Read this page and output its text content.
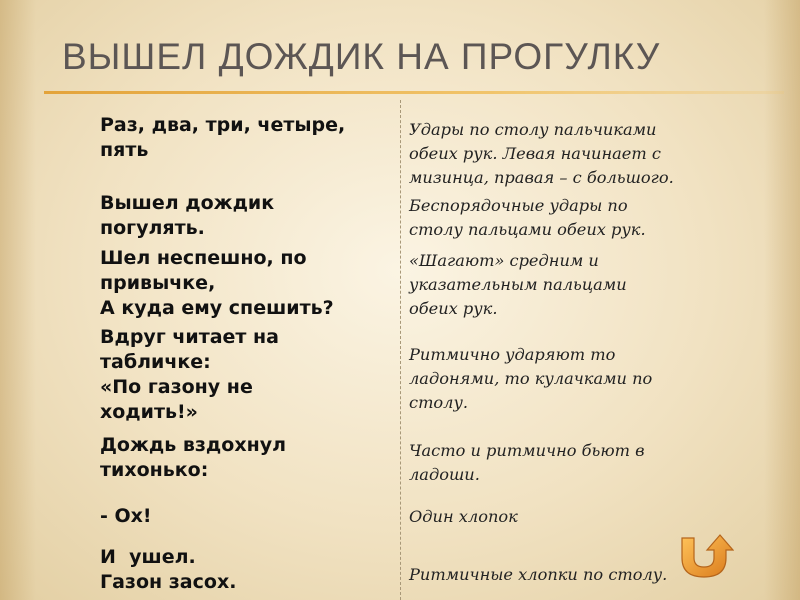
ВЫШЕЛ ДОЖДИК НА ПРОГУЛКУ

Раз, два, три, четыре,
пять

Удары по столу пальчиками
обеих рук. Левая начинает с
мизинца, правая – с большого.

Вышел дождик
погулять.

Беспорядочные удары по
столу пальцами обеих рук.

Шел неспешно, по
привычке,
А куда ему спешить?

«Шагают» средним и
указательным пальцами
обеих рук.

Вдруг читает на
табличке:
«По газону не
ходить!»

Ритмично ударяют то
ладонями, то кулачками по
столу.

Дождь вздохнул
тихонько:

Часто и ритмично бьют в
ладоши.

- Ох!	Один хлопок

И  ушел.
Газон засох.	Ритмичные хлопки по столу.
